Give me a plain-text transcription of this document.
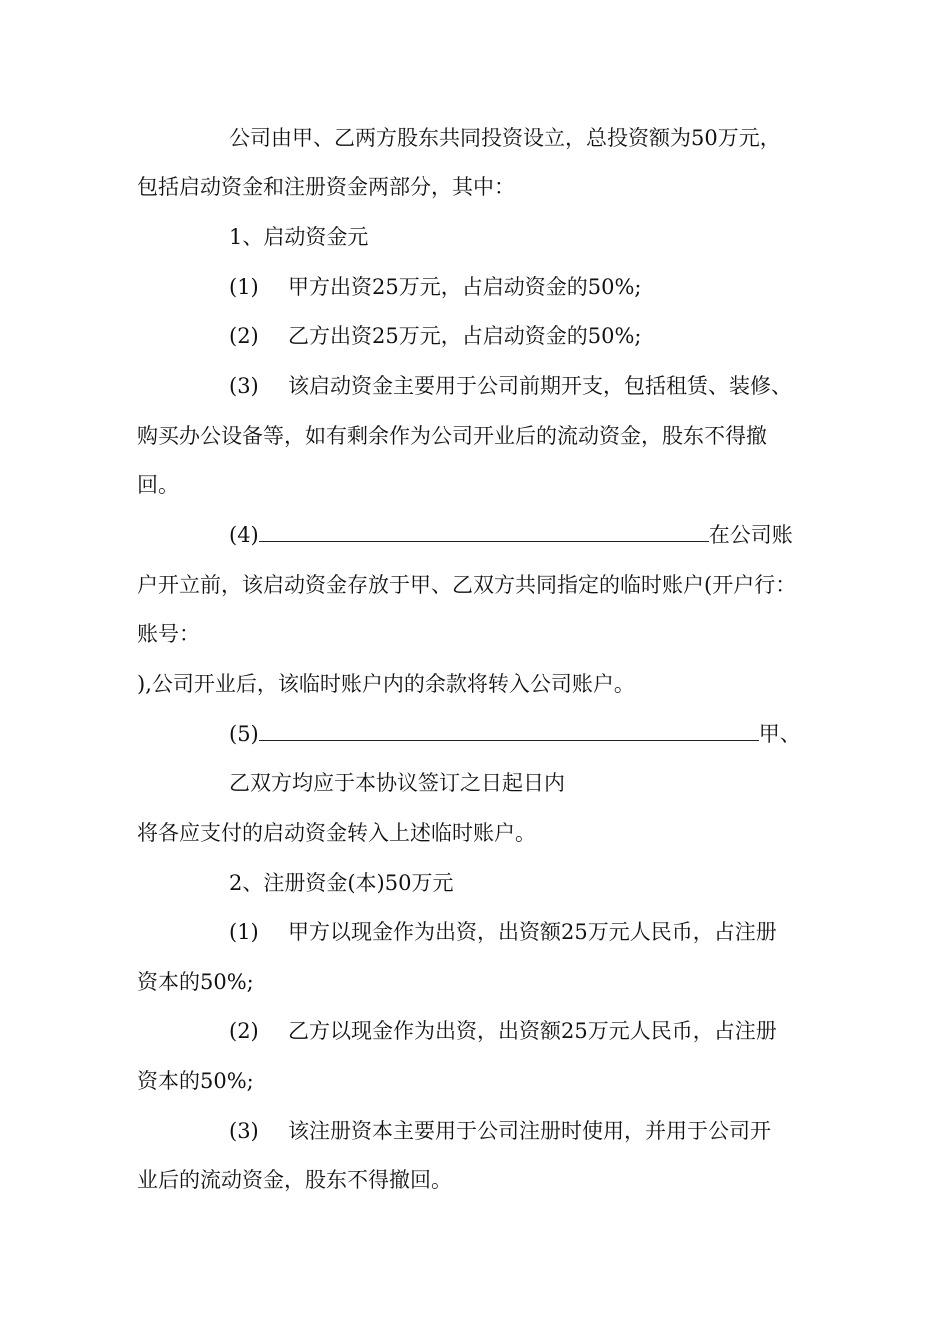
公司由甲、乙两方股东共同投资设立，总投资额为50万元，
包括启动资金和注册资金两部分，其中：
1、启动资金元
(1) 甲方出资25万元，占启动资金的50%;
(2) 乙方出资25万元，占启动资金的50%;
(3) 该启动资金主要用于公司前期开支，包括租赁、装修、
购买办公设备等，如有剩余作为公司开业后的流动资金，股东不得撤
回。
(4)	在公司账
户开立前，该启动资金存放于甲、乙双方共同指定的临时账户(开户行：
账号：
),公司开业后，该临时账户内的余款将转入公司账户。
(5)	甲、
乙双方均应于本协议签订之日起日内
将各应支付的启动资金转入上述临时账户。
2、注册资金(本)50万元
(1) 甲方以现金作为出资，出资额25万元人民币，占注册
资本的50%;
(2) 乙方以现金作为出资，出资额25万元人民币，占注册
资本的50%;
(3) 该注册资本主要用于公司注册时使用，并用于公司开
业后的流动资金，股东不得撤回。
